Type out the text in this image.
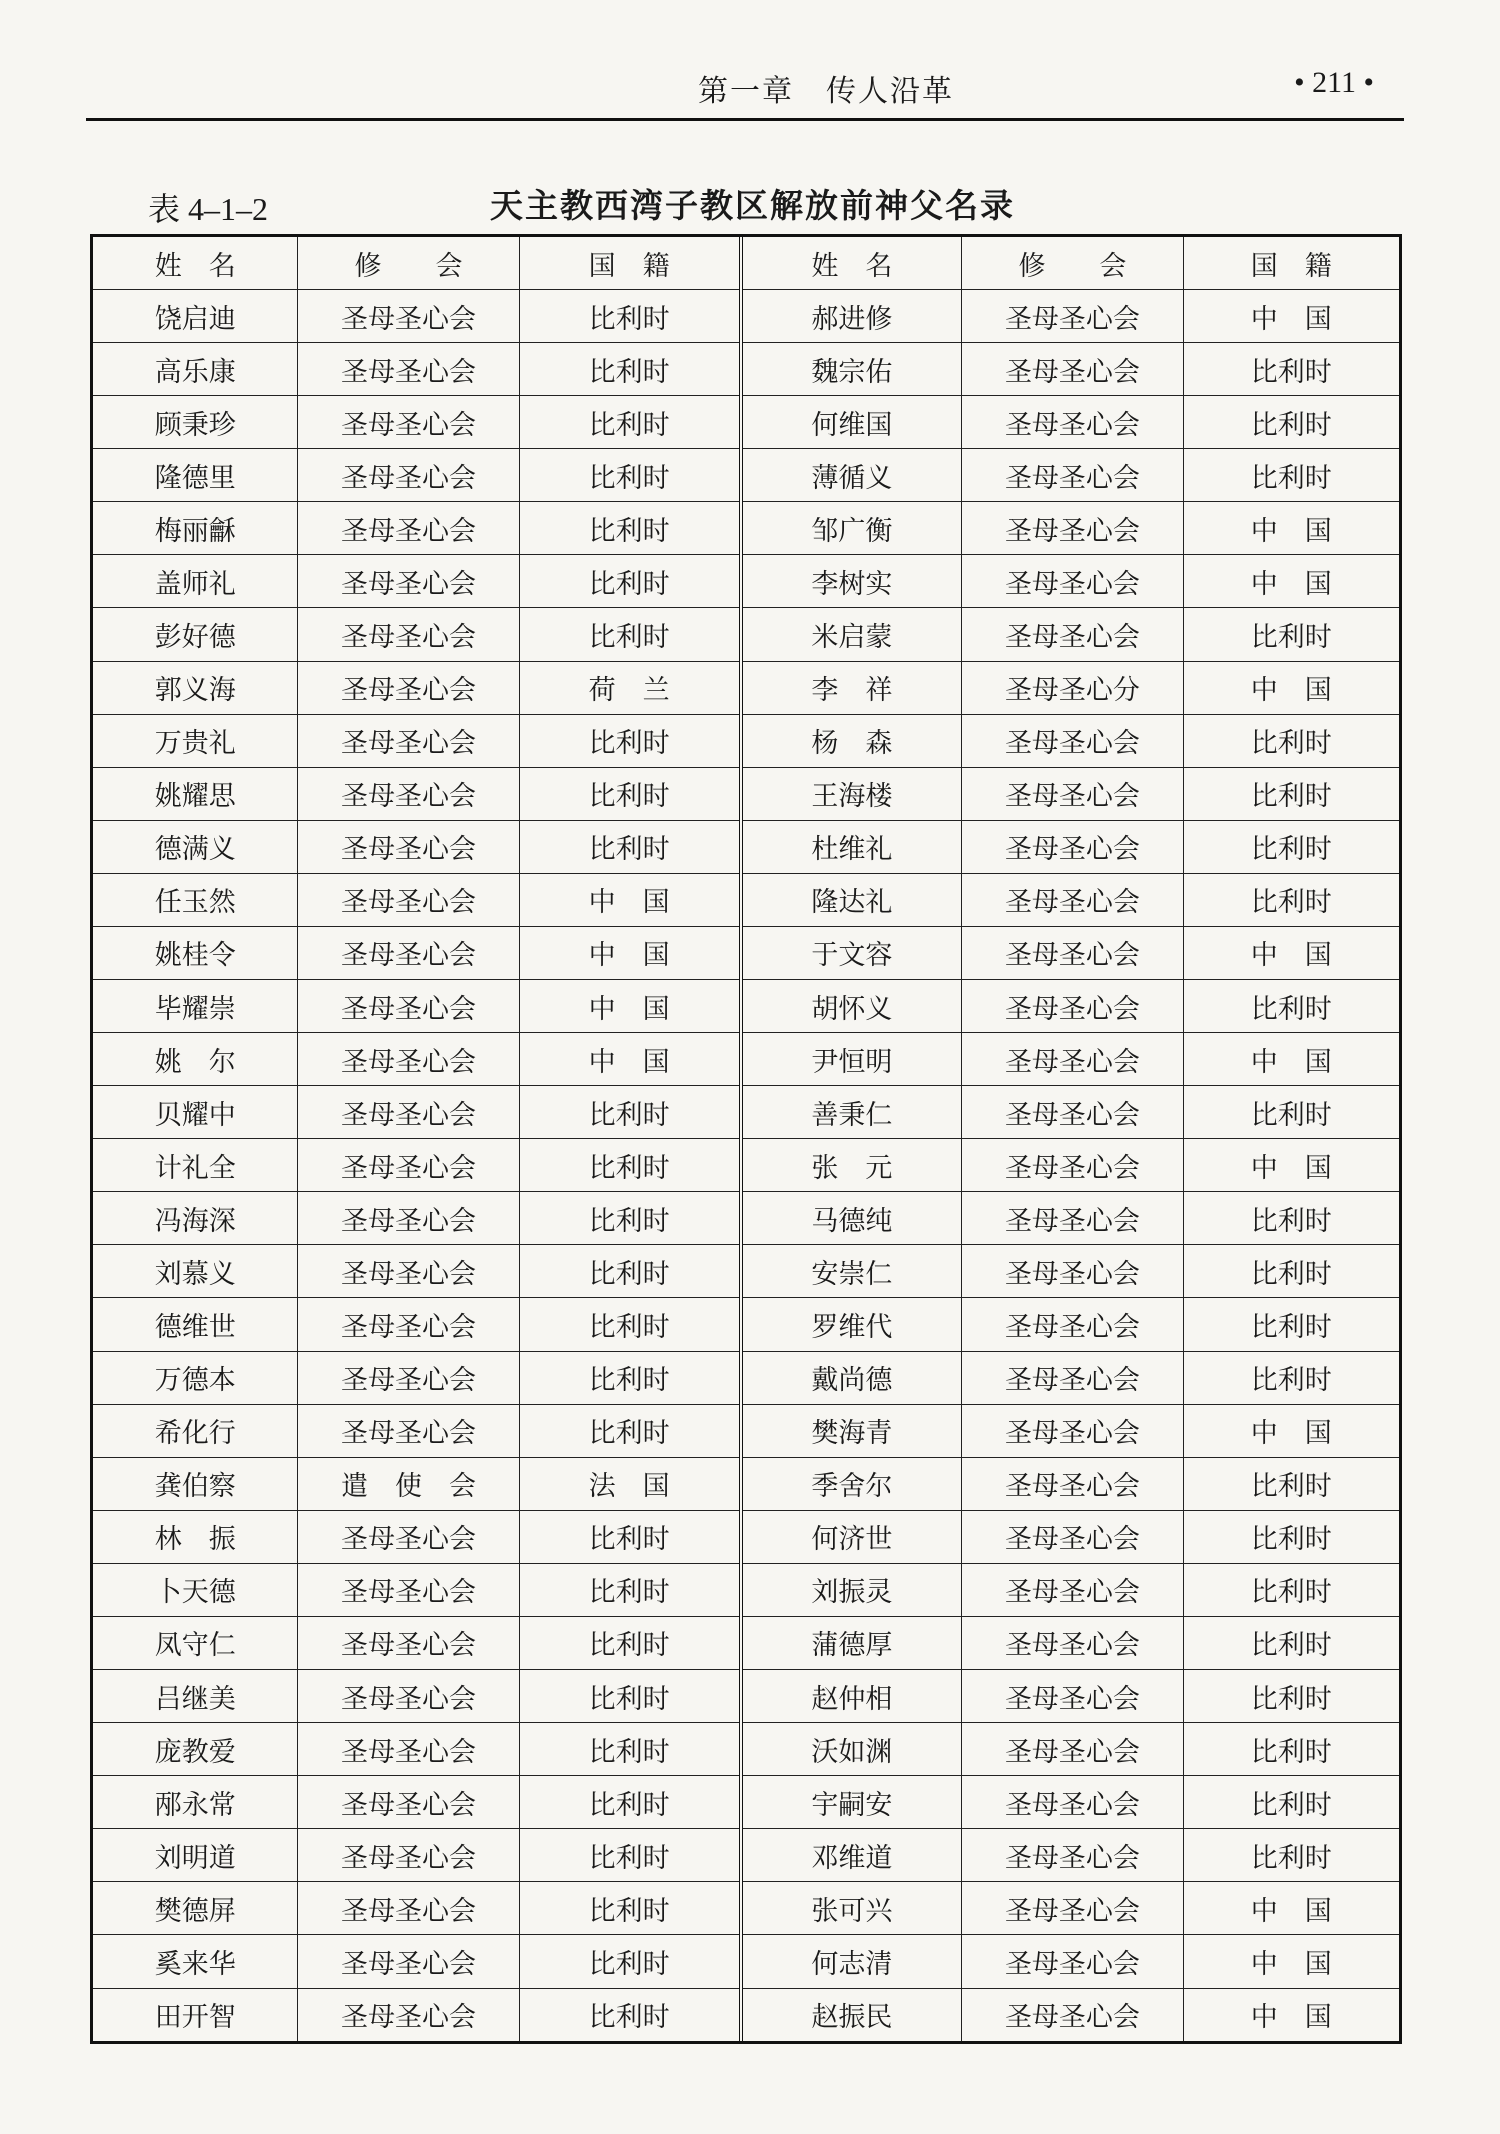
第一章　传人沿革	• 211 •
表 4–1–2	天主教西湾子教区解放前神父名录
姓　名	修　　会	国　籍	姓　名	修　　会	国　籍
饶启迪	圣母圣心会	比利时	郝进修	圣母圣心会	中　国
高乐康	圣母圣心会	比利时	魏宗佑	圣母圣心会	比利时
顾秉珍	圣母圣心会	比利时	何维国	圣母圣心会	比利时
隆德里	圣母圣心会	比利时	薄循义	圣母圣心会	比利时
梅丽龢	圣母圣心会	比利时	邹广衡	圣母圣心会	中　国
盖师礼	圣母圣心会	比利时	李树实	圣母圣心会	中　国
彭好德	圣母圣心会	比利时	米启蒙	圣母圣心会	比利时
郭义海	圣母圣心会	荷　兰	李　祥	圣母圣心分	中　国
万贵礼	圣母圣心会	比利时	杨　森	圣母圣心会	比利时
姚耀思	圣母圣心会	比利时	王海楼	圣母圣心会	比利时
德满义	圣母圣心会	比利时	杜维礼	圣母圣心会	比利时
任玉然	圣母圣心会	中　国	隆达礼	圣母圣心会	比利时
姚桂令	圣母圣心会	中　国	于文容	圣母圣心会	中　国
毕耀崇	圣母圣心会	中　国	胡怀义	圣母圣心会	比利时
姚　尔	圣母圣心会	中　国	尹恒明	圣母圣心会	中　国
贝耀中	圣母圣心会	比利时	善秉仁	圣母圣心会	比利时
计礼全	圣母圣心会	比利时	张　元	圣母圣心会	中　国
冯海深	圣母圣心会	比利时	马德纯	圣母圣心会	比利时
刘慕义	圣母圣心会	比利时	安崇仁	圣母圣心会	比利时
德维世	圣母圣心会	比利时	罗维代	圣母圣心会	比利时
万德本	圣母圣心会	比利时	戴尚德	圣母圣心会	比利时
希化行	圣母圣心会	比利时	樊海青	圣母圣心会	中　国
龚伯察	遣　使　会	法　国	季舍尔	圣母圣心会	比利时
林　振	圣母圣心会	比利时	何济世	圣母圣心会	比利时
卜天德	圣母圣心会	比利时	刘振灵	圣母圣心会	比利时
凤守仁	圣母圣心会	比利时	蒲德厚	圣母圣心会	比利时
吕继美	圣母圣心会	比利时	赵仲相	圣母圣心会	比利时
庞教爱	圣母圣心会	比利时	沃如渊	圣母圣心会	比利时
邴永常	圣母圣心会	比利时	宇嗣安	圣母圣心会	比利时
刘明道	圣母圣心会	比利时	邓维道	圣母圣心会	比利时
樊德屏	圣母圣心会	比利时	张可兴	圣母圣心会	中　国
奚来华	圣母圣心会	比利时	何志清	圣母圣心会	中　国
田开智	圣母圣心会	比利时	赵振民	圣母圣心会	中　国
